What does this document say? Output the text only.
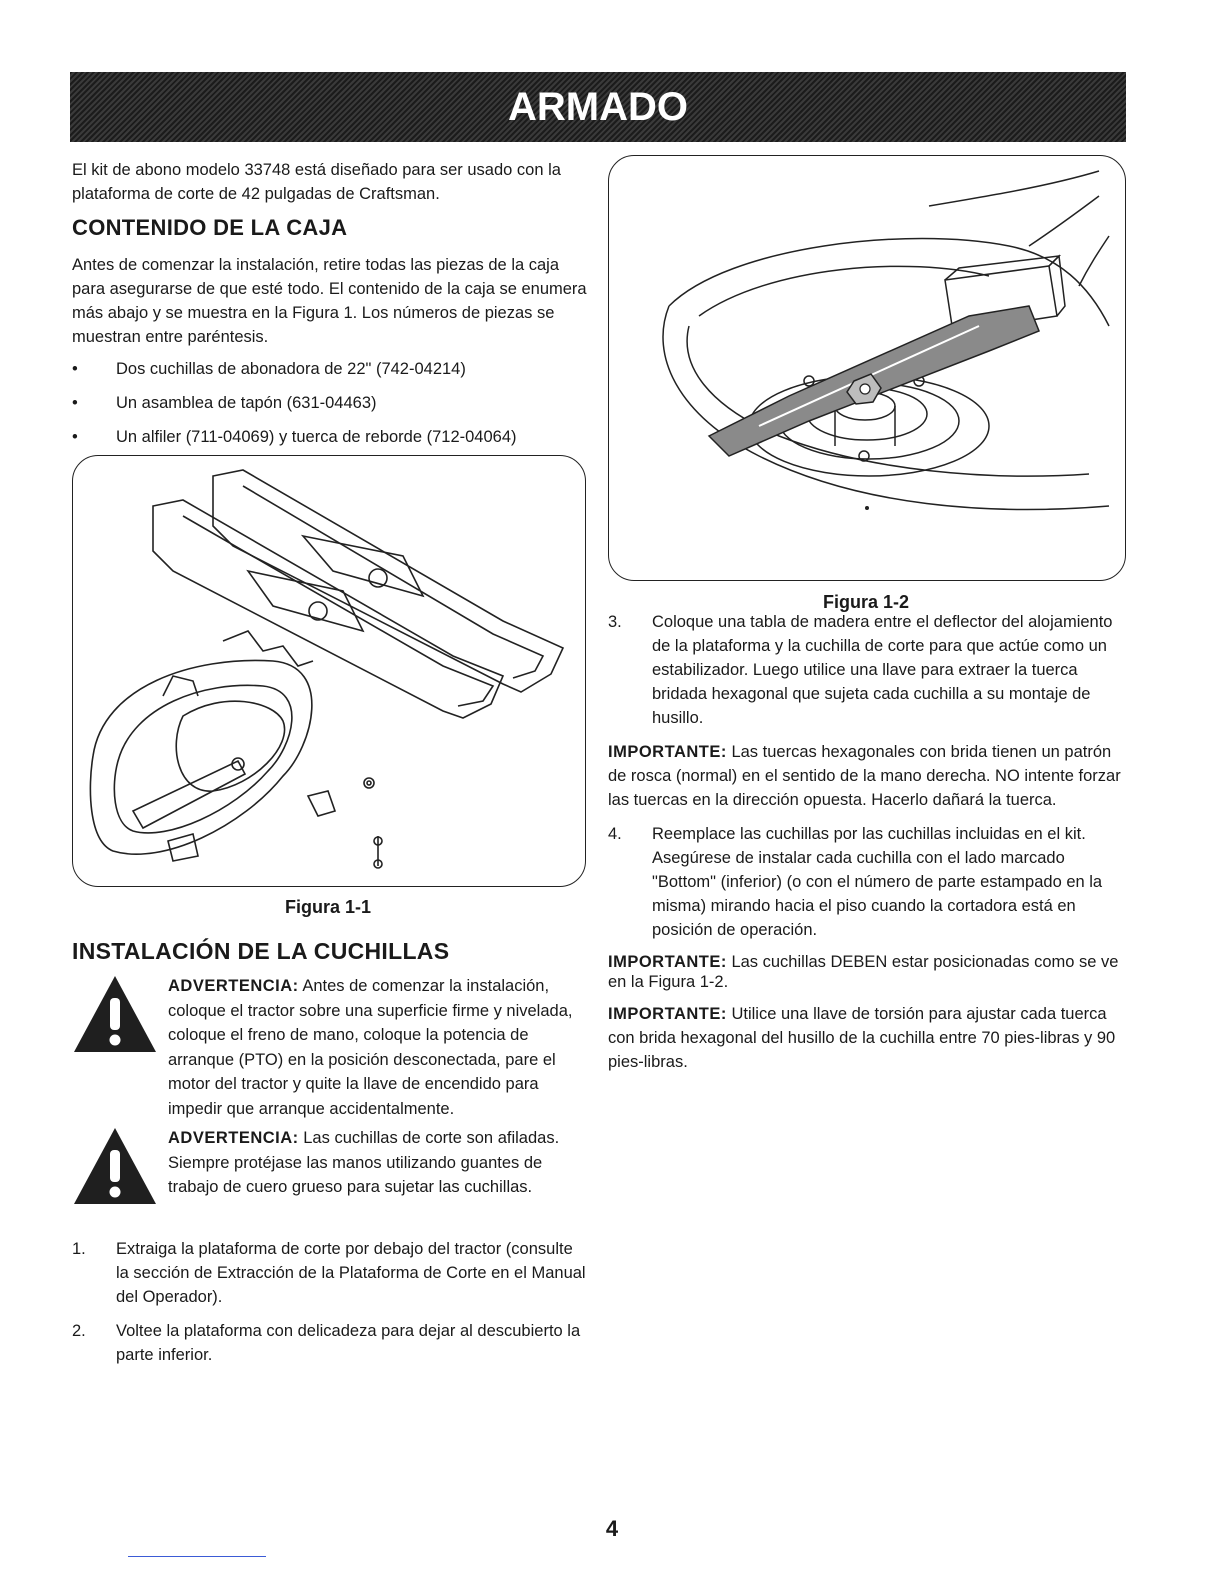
ARMADO

El kit de abono modelo 33748 está diseñado para ser usado con la plataforma de corte de 42 pulgadas de Craftsman.

CONTENIDO DE LA CAJA

Antes de comenzar la instalación, retire todas las piezas de la caja para asegurarse de que esté todo. El contenido de la caja se enumera más abajo y se muestra en la Figura 1. Los números de piezas se muestran entre paréntesis.

• Dos cuchillas de abonadora de 22" (742-04214)
• Un asamblea de tapón (631-04463)
• Un alfiler (711-04069) y tuerca de reborde (712-04064)
Figura 1-1
INSTALACIÓN DE LA CUCHILLAS
ADVERTENCIA: Antes de comenzar la instalación, coloque el tractor sobre una superficie firme y nivelada, coloque el freno de mano, coloque la potencia de arranque (PTO) en la posición desconectada, pare el motor del tractor y quite la llave de encendido para impedir que arranque accidentalmente.
ADVERTENCIA: Las cuchillas de corte son afiladas. Siempre protéjase las manos utilizando guantes de trabajo de cuero grueso para sujetar las cuchillas.
1. Extraiga la plataforma de corte por debajo del tractor (consulte la sección de Extracción de la Plataforma de Corte en el Manual del Operador).
2. Voltee la plataforma con delicadeza para dejar al descubierto la parte inferior.
Figura 1-2
3. Coloque una tabla de madera entre el deflector del alojamiento de la plataforma y la cuchilla de corte para que actúe como un estabilizador. Luego utilice una llave para extraer la tuerca bridada hexagonal que sujeta cada cuchilla a su montaje de husillo.

IMPORTANTE: Las tuercas hexagonales con brida tienen un patrón de rosca (normal) en el sentido de la mano derecha. NO intente forzar las tuercas en la dirección opuesta. Hacerlo dañará la tuerca.

4. Reemplace las cuchillas por las cuchillas incluidas en el kit. Asegúrese de instalar cada cuchilla con el lado marcado "Bottom" (inferior) (o con el número de parte estampado en la misma) mirando hacia el piso cuando la cortadora está en posición de operación.

IMPORTANTE: Las cuchillas DEBEN estar posicionadas como se ve en la Figura 1-2.

IMPORTANTE: Utilice una llave de torsión para ajustar cada tuerca con brida hexagonal del husillo de la cuchilla entre 70 pies-libras y 90 pies-libras.

4
